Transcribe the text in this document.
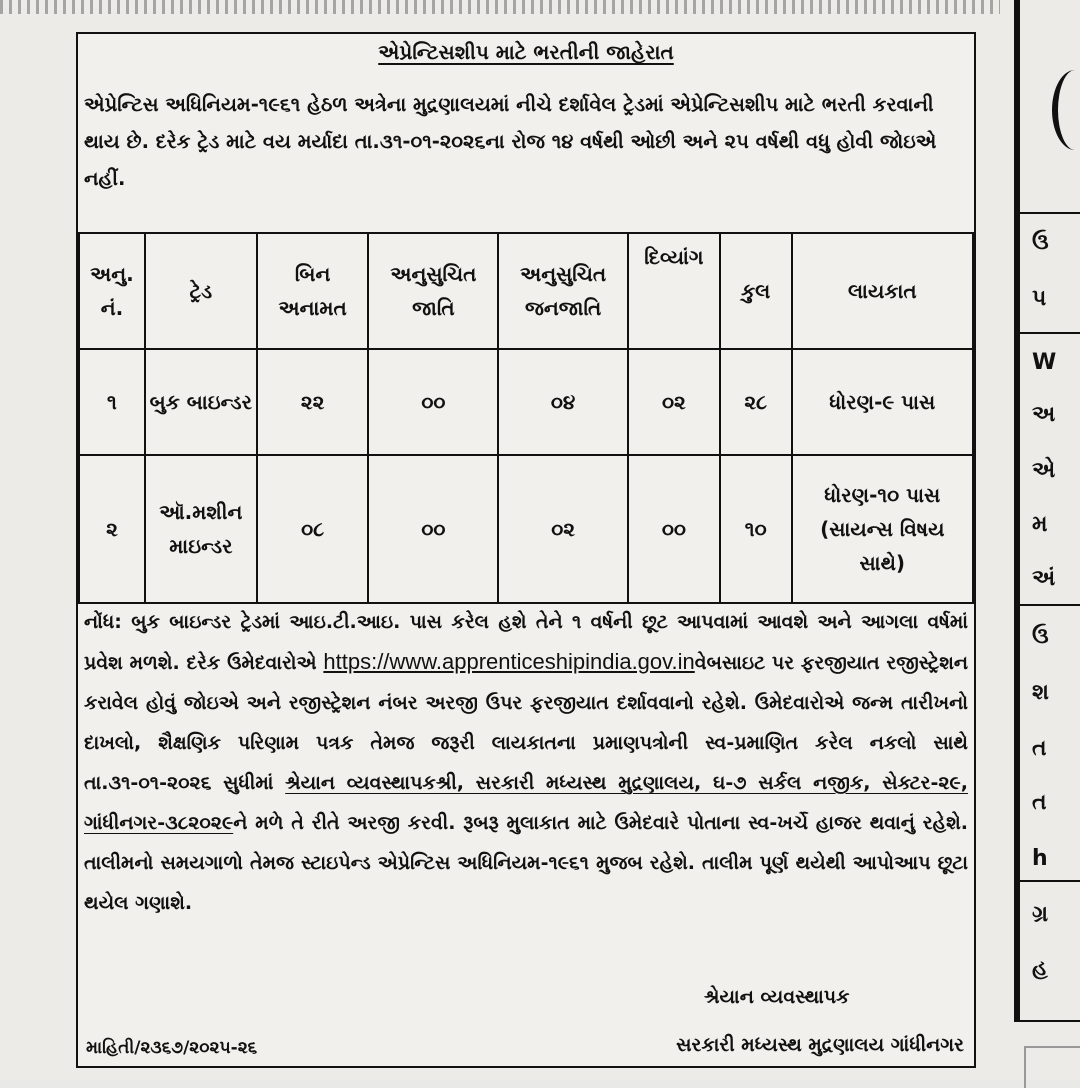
એપ્રેન્ટિસશીપ માટે ભરતીની જાહેરાત
એપ્રેન્ટિસ અધિનિયમ-૧૯૬૧ હેઠળ અત્રેના મુદ્રણાલયમાં નીચે દર્શાવેલ ટ્રેડમાં એપ્રેન્ટિસશીપ માટે ભરતી કરવાની થાય છે. દરેક ટ્રેડ માટે વય મર્યાદા તા.૩૧-૦૧-૨૦૨૬ના રોજ ૧૪ વર્ષથી ઓછી અને ૨૫ વર્ષથી વધુ હોવી જોઇએ નહીં.
અનુ. નં.	ટ્રેડ	બિન અનામત	અનુસુચિત જાતિ	અનુસુચિત જનજાતિ	દિવ્યાંગ	કુલ	લાયકાત
૧	બુક બાઇન્ડર	૨૨	૦૦	૦૪	૦૨	૨૮	ધોરણ-૯ પાસ
૨	ઑ.મશીન માઇન્ડર	૦૮	૦૦	૦૨	૦૦	૧૦	ધોરણ-૧૦ પાસ (સાયન્સ વિષય સાથે)
નોંધ: બુક બાઇન્ડર ટ્રેડમાં આઇ.ટી.આઇ. પાસ કરેલ હશે તેને ૧ વર્ષની છૂટ આપવામાં આવશે અને આગલા વર્ષમાં પ્રવેશ મળશે. દરેક ઉમેદવારોએ https://www.apprenticeshipindia.gov.inવેબસાઇટ પર ફરજીયાત રજીસ્ટ્રેશન કરાવેલ હોવું જોઇએ અને રજીસ્ટ્રેશન નંબર અરજી ઉપર ફરજીયાત દર્શાવવાનો રહેશે. ઉમેદવારોએ જન્મ તારીખનો દાખલો, શૈક્ષણિક પરિણામ પત્રક તેમજ જરૂરી લાયકાતના પ્રમાણપત્રોની સ્વ-પ્રમાણિત કરેલ નકલો સાથે તા.૩૧-૦૧-૨૦૨૬ સુધીમાં શ્રેયાન વ્યવસ્થાપકશ્રી, સરકારી મધ્યસ્થ મુદ્રણાલય, ઘ-૭ સર્કલ નજીક, સેક્ટર-૨૯, ગાંધીનગર-૩૮૨૦૨૯ને મળે તે રીતે અરજી કરવી. રૂબરૂ મુલાકાત માટે ઉમેદવારે પોતાના સ્વ-ખર્ચે હાજર થવાનું રહેશે. તાલીમનો સમયગાળો તેમજ સ્ટાઇપેન્ડ એપ્રેન્ટિસ અધિનિયમ-૧૯૬૧ મુજબ રહેશે. તાલીમ પૂર્ણ થયેથી આપોઆપ છૂટા થયેલ ગણાશે.
શ્રેયાન વ્યવસ્થાપક
માહિતી/૨૩૬૭/૨૦૨૫-૨૬	સરકારી મધ્યસ્થ મુદ્રણાલય ગાંધીનગર
ઉ
પ
W
અ
એ
મ
અં
ઉ
શ
ત
ત
h
ગ્ર
હ
